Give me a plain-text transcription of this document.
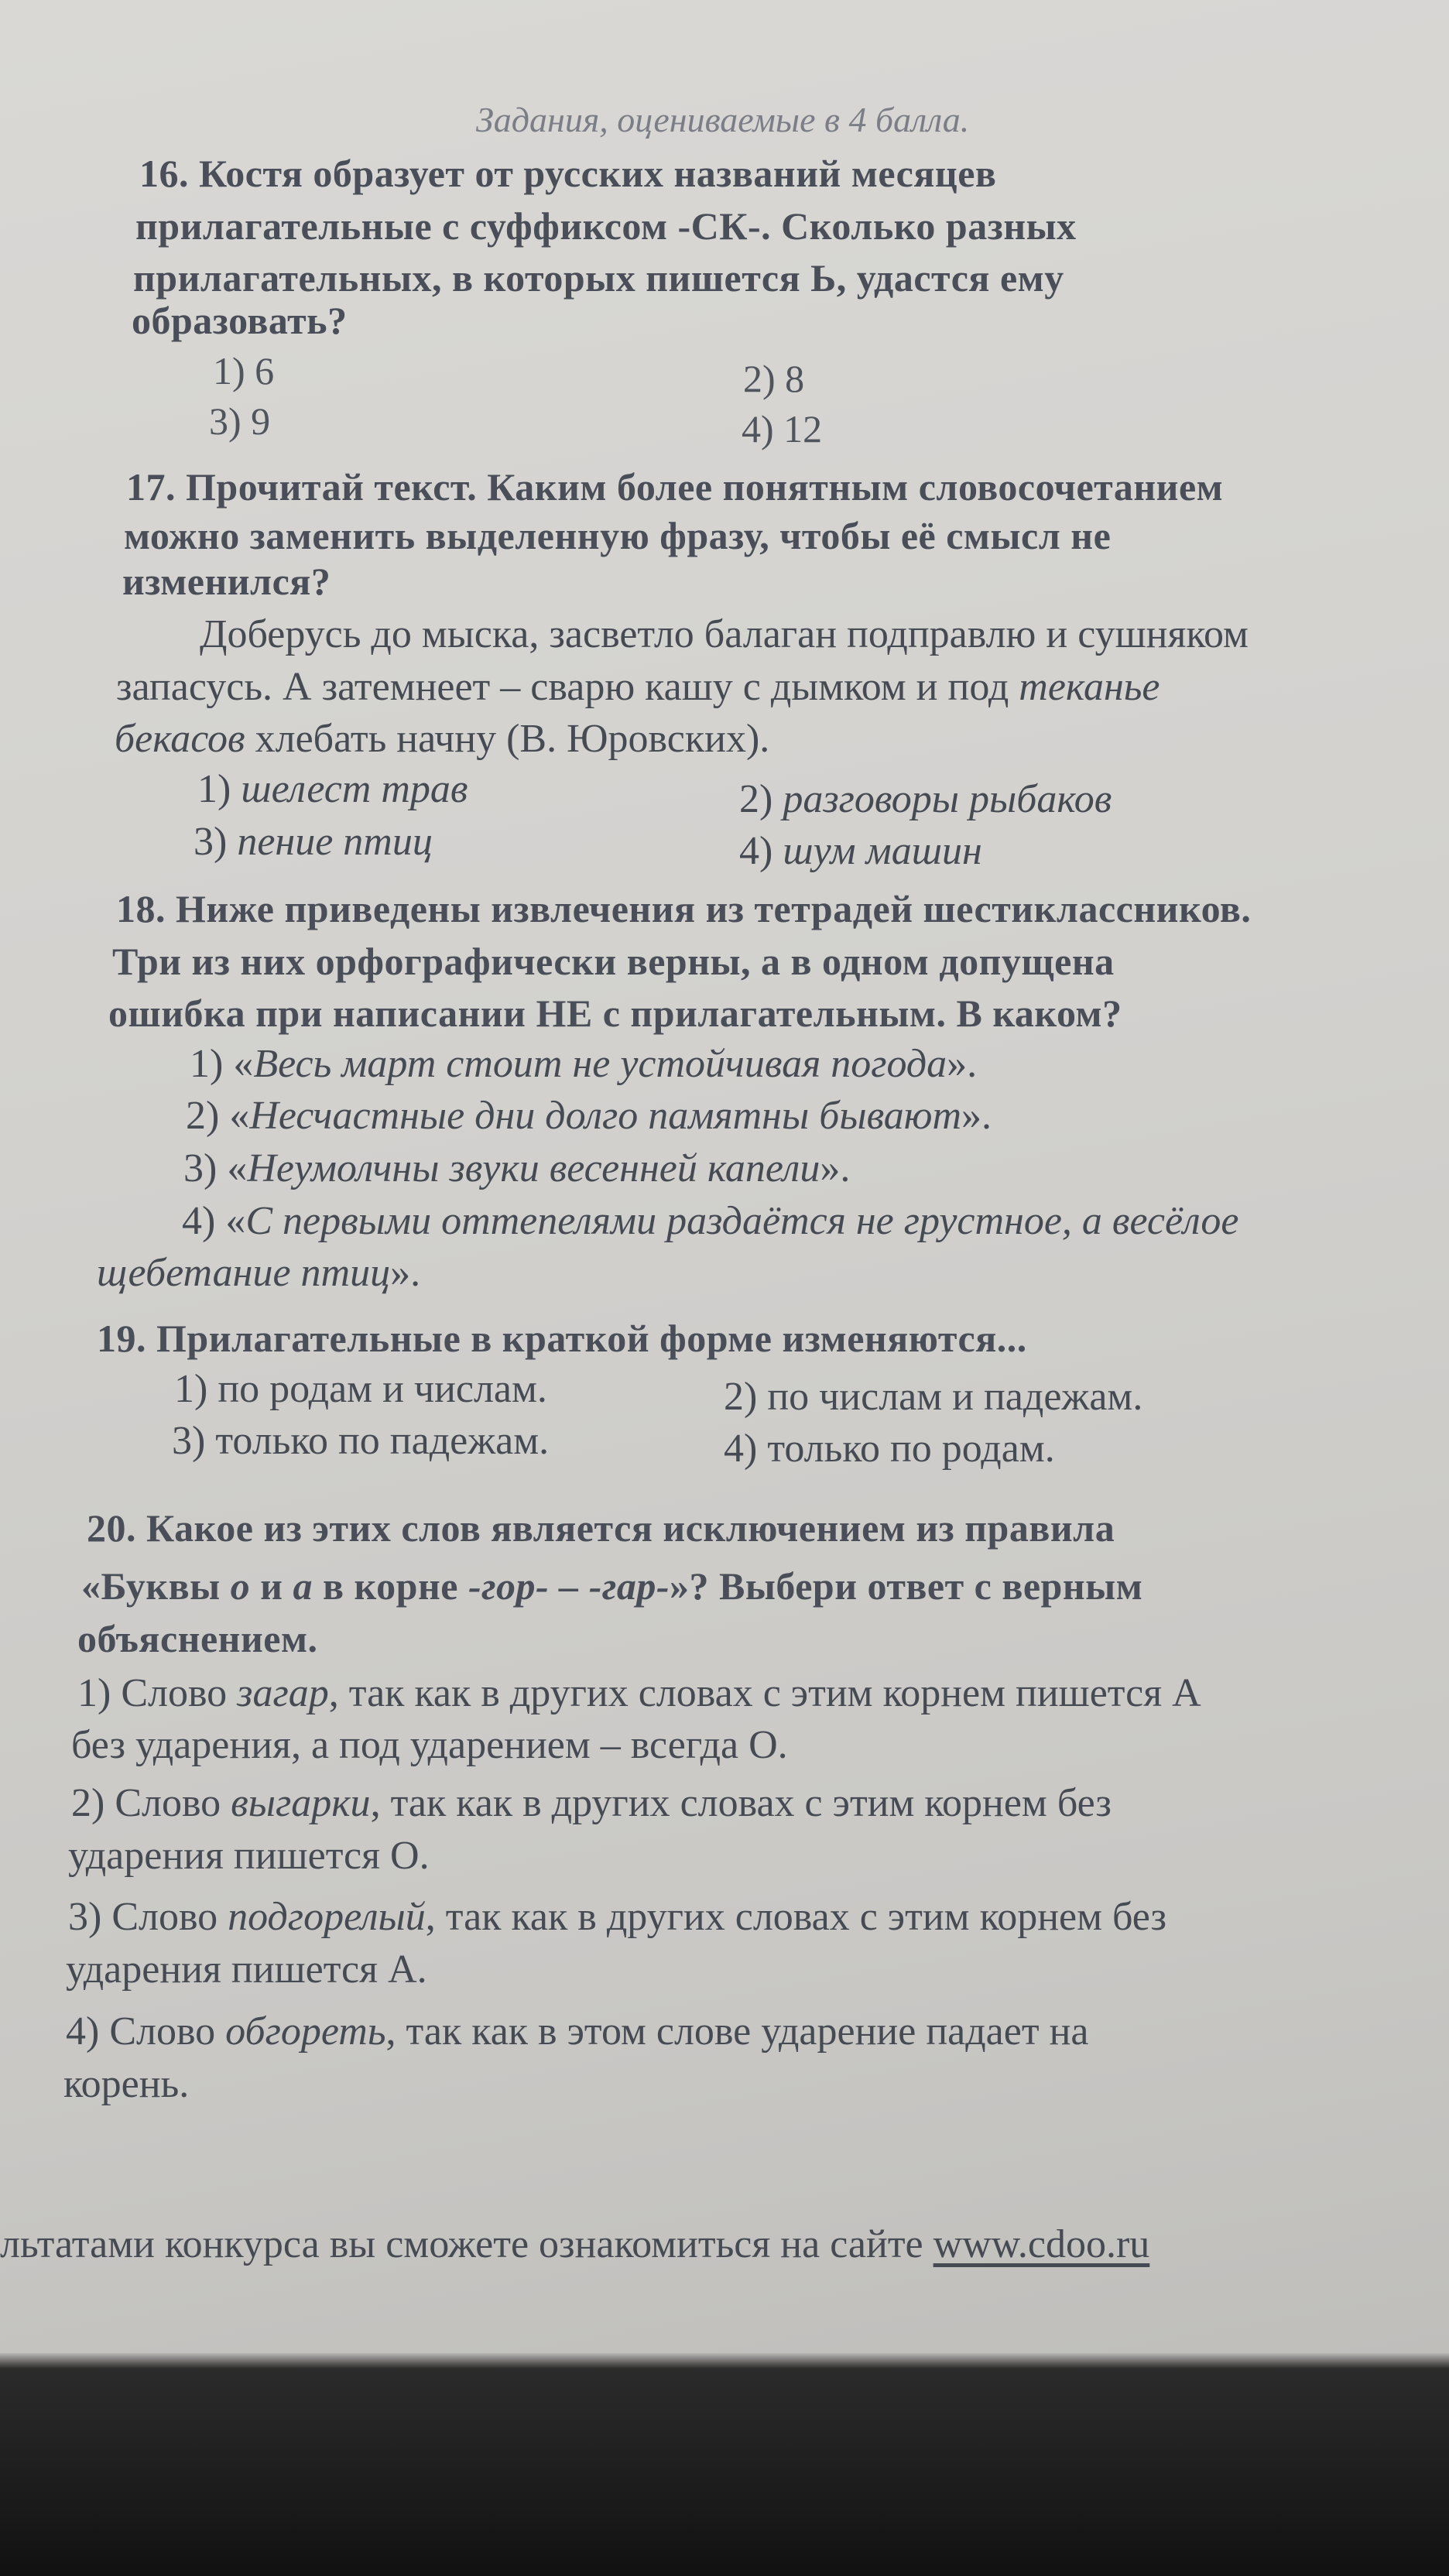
Задания, оцениваемые в 4 балла.
16. Костя образует от русских названий месяцев
прилагательные с суффиксом -СК-. Сколько разных
прилагательных, в которых пишется Ь, удастся ему
образовать?
1) 6	2) 8
3) 9	4) 12
17. Прочитай текст. Каким более понятным словосочетанием
можно заменить выделенную фразу, чтобы её смысл не
изменился?
Доберусь до мыска, засветло балаган подправлю и сушняком
запасусь. А затемнеет – сварю кашу с дымком и под теканье
бекасов хлебать начну (В. Юровских).
1) шелест трав	2) разговоры рыбаков
3) пение птиц	4) шум машин
18. Ниже приведены извлечения из тетрадей шестиклассников.
Три из них орфографически верны, а в одном допущена
ошибка при написании НЕ с прилагательным. В каком?
1) «Весь март стоит не устойчивая погода».
2) «Несчастные дни долго памятны бывают».
3) «Неумолчны звуки весенней капели».
4) «С первыми оттепелями раздаётся не грустное, а весёлое
щебетание птиц».
19. Прилагательные в краткой форме изменяются...
1) по родам и числам.	2) по числам и падежам.
3) только по падежам.	4) только по родам.
20. Какое из этих слов является исключением из правила
«Буквы о и а в корне -гор- – -гар-»? Выбери ответ с верным
объяснением.
1) Слово загар, так как в других словах с этим корнем пишется А
без ударения, а под ударением – всегда О.
2) Слово выгарки, так как в других словах с этим корнем без
ударения пишется О.
3) Слово подгорелый, так как в других словах с этим корнем без
ударения пишется А.
4) Слово обгореть, так как в этом слове ударение падает на
корень.
льтатами конкурса вы сможете ознакомиться на сайте www.cdoo.ru
